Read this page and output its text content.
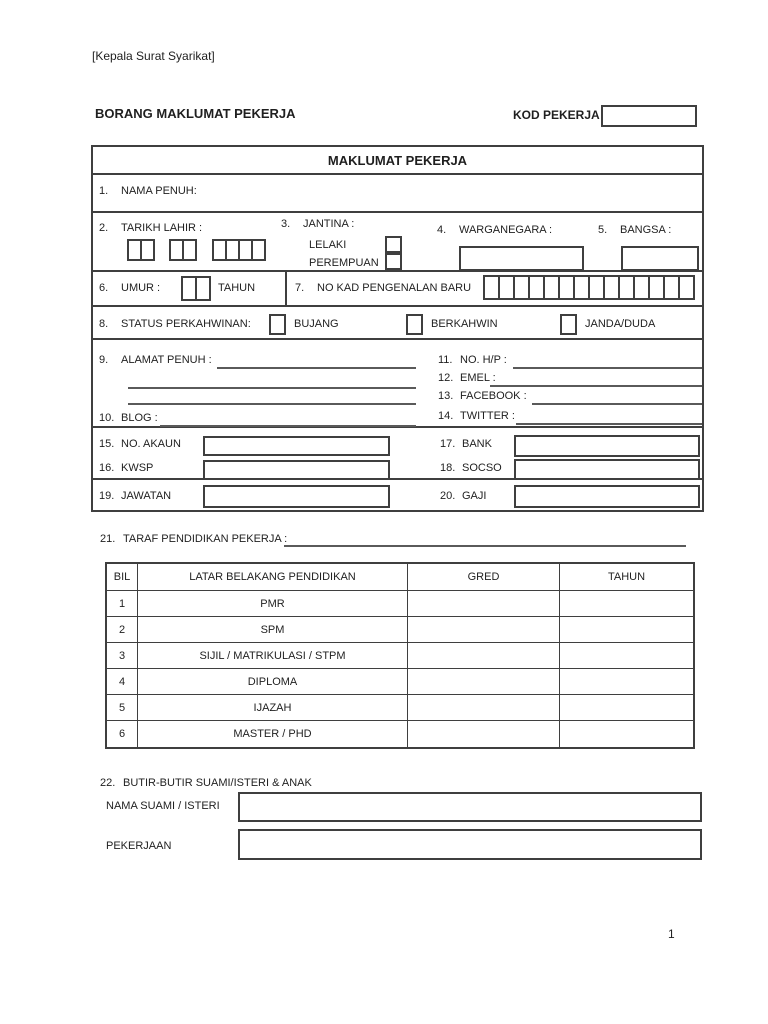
[Kepala Surat Syarikat]
BORANG MAKLUMAT PEKERJA	KOD PEKERJA
MAKLUMAT PEKERJA
1. NAMA PENUH:
2. TARIKH LAHIR :	3. JANTINA :
LELAKI
PEREMPUAN
4. WARGANEGARA :	5. BANGSA :
6. UMUR :	TAHUN	7. NO KAD PENGENALAN BARU
8. STATUS PERKAHWINAN:	BUJANG	BERKAHWIN	JANDA/DUDA
9. ALAMAT PENUH :
10. BLOG :
11. NO. H/P :
12. EMEL :
13. FACEBOOK :
14. TWITTER :
15. NO. AKAUN	17. BANK
16. KWSP	18. SOCSO
19. JAWATAN	20. GAJI
21. TARAF PENDIDIKAN PEKERJA :
BIL	LATAR BELAKANG PENDIDIKAN	GRED	TAHUN
1	PMR
2	SPM
3	SIJIL / MATRIKULASI / STPM
4	DIPLOMA
5	IJAZAH
6	MASTER / PHD
22. BUTIR-BUTIR SUAMI/ISTERI & ANAK
NAMA SUAMI / ISTERI
PEKERJAAN
1
